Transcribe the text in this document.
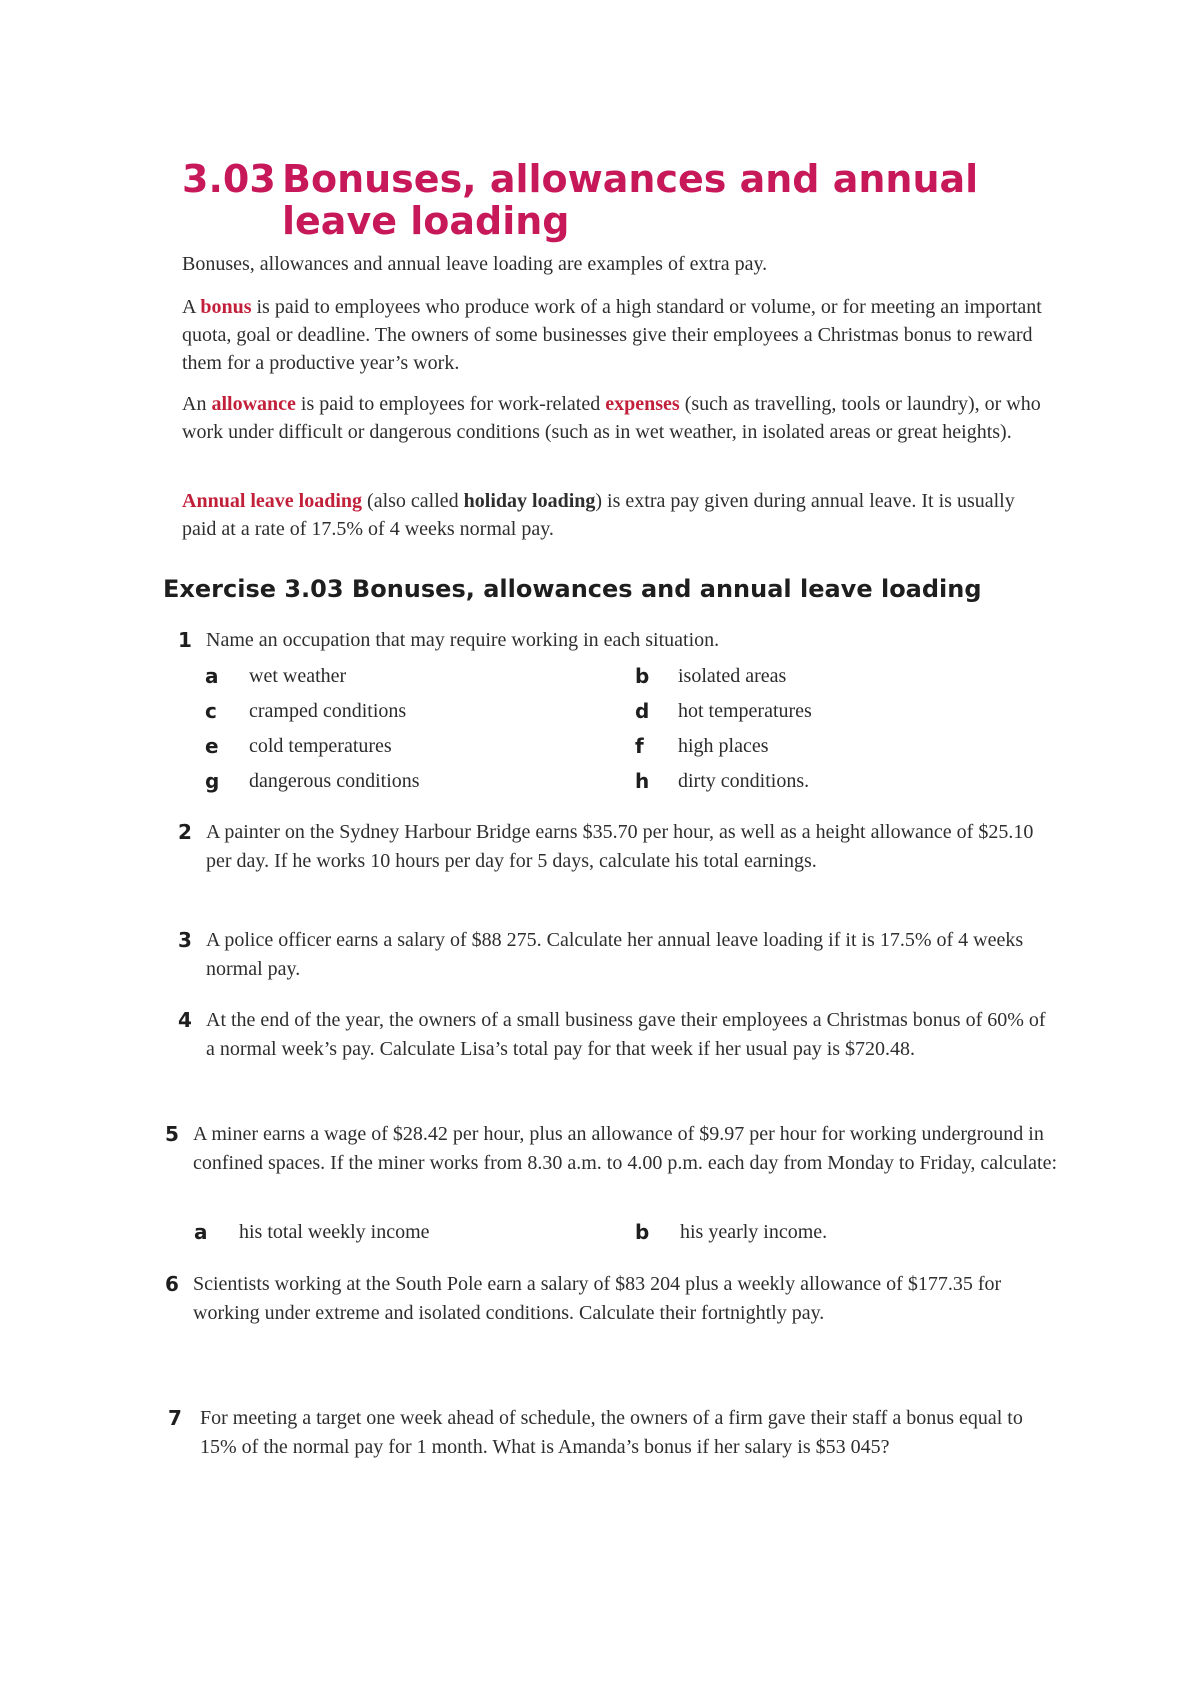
3.03 Bonuses, allowances and annual
leave loading

Bonuses, allowances and annual leave loading are examples of extra pay.

A bonus is paid to employees who produce work of a high standard or volume, or for meeting an important quota, goal or deadline. The owners of some businesses give their employees a Christmas bonus to reward them for a productive year’s work.

An allowance is paid to employees for work-related expenses (such as travelling, tools or laundry), or who work under difficult or dangerous conditions (such as in wet weather, in isolated areas or great heights).

Annual leave loading (also called holiday loading) is extra pay given during annual leave. It is usually paid at a rate of 17.5% of 4 weeks normal pay.

Exercise 3.03 Bonuses, allowances and annual leave loading
1 Name an occupation that may require working in each situation.
a wet weather	b isolated areas
c cramped conditions	d hot temperatures
e cold temperatures	f high places
g dangerous conditions	h dirty conditions.
2 A painter on the Sydney Harbour Bridge earns $35.70 per hour, as well as a height allowance of $25.10 per day. If he works 10 hours per day for 5 days, calculate his total earnings.
3 A police officer earns a salary of $88 275. Calculate her annual leave loading if it is 17.5% of 4 weeks normal pay.
4 At the end of the year, the owners of a small business gave their employees a Christmas bonus of 60% of a normal week’s pay. Calculate Lisa’s total pay for that week if her usual pay is $720.48.
5 A miner earns a wage of $28.42 per hour, plus an allowance of $9.97 per hour for working underground in confined spaces. If the miner works from 8.30 a.m. to 4.00 p.m. each day from Monday to Friday, calculate:
a his total weekly income	b his yearly income.
6 Scientists working at the South Pole earn a salary of $83 204 plus a weekly allowance of $177.35 for working under extreme and isolated conditions. Calculate their fortnightly pay.
7 For meeting a target one week ahead of schedule, the owners of a firm gave their staff a bonus equal to 15% of the normal pay for 1 month. What is Amanda’s bonus if her salary is $53 045?
